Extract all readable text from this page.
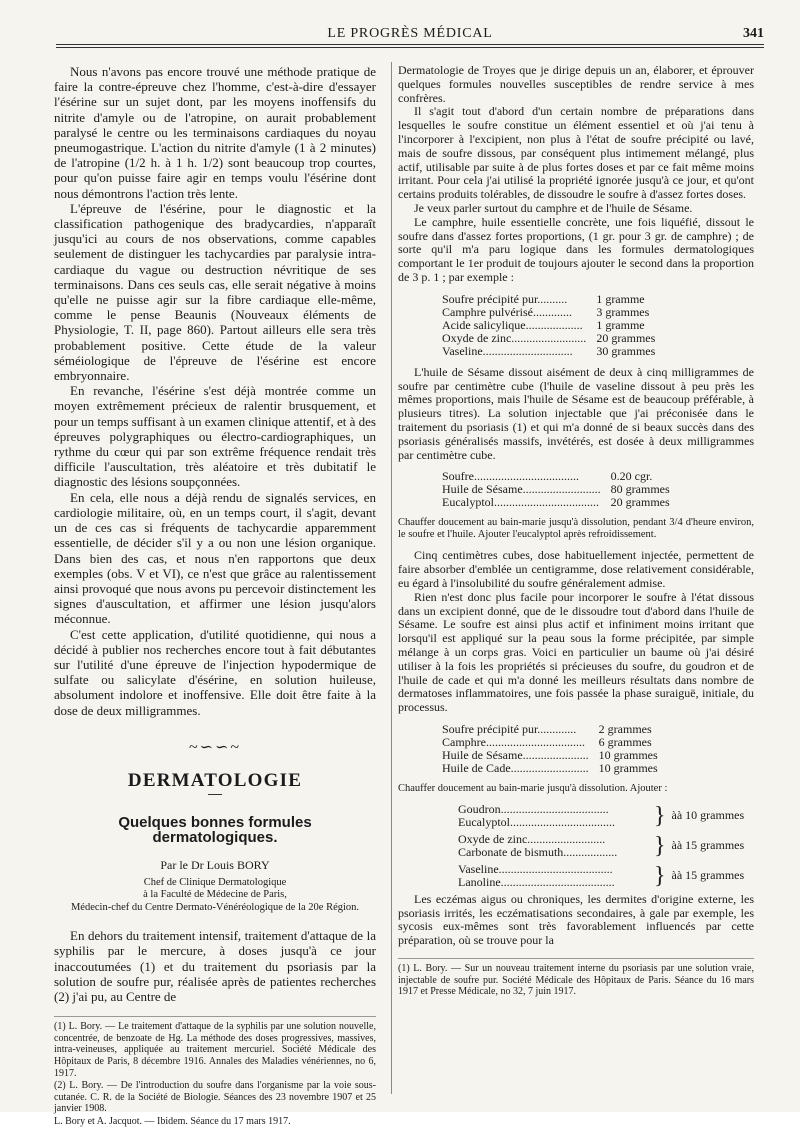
LE PROGRÈS MÉDICAL	341

Nous n'avons pas encore trouvé une méthode pratique de faire la contre-épreuve chez l'homme, c'est-à-dire d'essayer l'ésérine sur un sujet dont, par les moyens inoffensifs du nitrite d'amyle ou de l'atropine, on aurait probablement paralysé le centre ou les terminaisons cardiaques du noyau pneumogastrique. L'action du nitrite d'amyle (1 à 2 minutes) de l'atropine (1/2 h. à 1 h. 1/2) sont beaucoup trop courtes, pour qu'on puisse faire agir en temps voulu l'ésérine dont nous démontrons l'action très lente.

L'épreuve de l'ésérine, pour le diagnostic et la classification pathogenique des bradycardies, n'apparaît jusqu'ici au cours de nos observations, comme capables seulement de distinguer les tachycardies par paralysie intra-cardiaque du vague ou destruction névritique de ses terminaisons. Dans ces seuls cas, elle serait négative à moins qu'elle ne puisse agir sur la fibre cardiaque elle-même, comme le pense Beaunis (Nouveaux éléments de Physiologie, T. II, page 860). Partout ailleurs elle sera très probablement positive. Cette étude de la valeur séméiologique de l'épreuve de l'ésérine est encore embryonnaire.

En revanche, l'ésérine s'est déjà montrée comme un moyen extrêmement précieux de ralentir brusquement, et pour un temps suffisant à un examen clinique attentif, et à des épreuves polygraphiques ou électro-cardiographiques, un rythme du cœur qui par son extrême fréquence rendait très difficile l'auscultation, très aléatoire et très dubitatif le diagnostic des lésions soupçonnées.

En cela, elle nous a déjà rendu de signalés services, en cardiologie militaire, où, en un temps court, il s'agit, devant un de ces cas si fréquents de tachycardie apparemment essentielle, de décider s'il y a ou non une lésion organique. Dans bien des cas, et nous n'en rapportons que deux exemples (obs. V et VI), ce n'est que grâce au ralentissement ainsi provoqué que nous avons pu percevoir distinctement les signes d'auscultation, et affirmer une lésion jusqu'alors méconnue.

C'est cette application, d'utilité quotidienne, qui nous a décidé à publier nos recherches encore tout à fait débutantes sur l'utilité d'une épreuve de l'injection hypodermique de sulfate ou salicylate d'ésérine, en solution huileuse, absolument indolore et inoffensive. Elle doit être faite à la dose de deux milligrammes.

~∽∽~
DERMATOLOGIE
Quelques bonnes formules dermatologiques.
Par le Dr Louis BORY
Chef de Clinique Dermatologique
à la Faculté de Médecine de Paris,
Médecin-chef du Centre Dermato-Vénéréologique de la 20e Région.

En dehors du traitement intensif, traitement d'attaque de la syphilis par le mercure, à doses jusqu'à ce jour inaccoutumées (1) et du traitement du psoriasis par la solution de soufre pur, réalisée après de patientes recherches (2) j'ai pu, au Centre de

(1) L. Bory. — Le traitement d'attaque de la syphilis par une solution nouvelle, concentrée, de benzoate de Hg. La méthode des doses progressives, massives, intra-veineuses, appliquée au traitement mercuriel. Société Médicale des Hôpitaux de Paris, 8 décembre 1916. Annales des Maladies vénériennes, no 6, 1917.
(2) L. Bory. — De l'introduction du soufre dans l'organisme par la voie sous-cutanée. C. R. de la Société de Biologie. Séances des 23 novembre 1907 et 25 janvier 1908.
L. Bory et A. Jacquot. — Ibidem. Séance du 17 mars 1917.

Dermatologie de Troyes que je dirige depuis un an, élaborer, et éprouver quelques formules nouvelles susceptibles de rendre service à mes confrères.

Il s'agit tout d'abord d'un certain nombre de préparations dans lesquelles le soufre constitue un élément essentiel et où j'ai tenu à l'incorporer à l'excipient, non plus à l'état de soufre précipité ou lavé, mais de soufre dissous, par conséquent plus intimement mélangé, plus actif, utilisable par suite à de plus fortes doses et par ce fait même moins irritant. Pour cela j'ai utilisé la propriété ignorée jusqu'à ce jour, et qu'ont certains produits tolérables, de dissoudre le soufre à d'assez fortes doses.

Je veux parler surtout du camphre et de l'huile de Sésame.

Le camphre, huile essentielle concrète, une fois liquéfié, dissout le soufre dans d'assez fortes proportions, (1 gr. pour 3 gr. de camphre) ; de sorte qu'il m'a paru logique dans les formules dermatologiques comportant le 1er produit de toujours ajouter le second dans la proportion de 3 p. 1 ; par exemple :

Soufre précipité pur..........	1 gramme
Camphre pulvérisé.............	3 grammes
Acide salicylique...................	1 gramme
Oxyde de zinc.........................	20 grammes
Vaseline..............................	30 grammes

L'huile de Sésame dissout aisément de deux à cinq milligrammes de soufre par centimètre cube (l'huile de vaseline dissout à peu près les mêmes proportions, mais l'huile de Sésame est de beaucoup préférable, à plusieurs titres). La solution injectable que j'ai préconisée dans le traitement du psoriasis (1) et qui m'a donné de si beaux succès dans des psoriasis généralisés massifs, invétérés, est dosée à deux milligrammes par centimètre cube.

Soufre...................................	0.20 cgr.
Huile de Sésame..........................	80 grammes
Eucalyptol...................................	20 grammes

Chauffer doucement au bain-marie jusqu'à dissolution, pendant 3/4 d'heure environ, le soufre et l'huile. Ajouter l'eucalyptol après refroidissement.

Cinq centimètres cubes, dose habituellement injectée, permettent de faire absorber d'emblée un centigramme, dose relativement considérable, eu égard à l'insolubilité du soufre généralement admise.

Rien n'est donc plus facile pour incorporer le soufre à l'état dissous dans un excipient donné, que de le dissoudre tout d'abord dans l'huile de Sésame. Le soufre est ainsi plus actif et infiniment moins irritant que lorsqu'il est appliqué sur la peau sous la forme précipitée, par simple mélange à un corps gras. Voici en particulier un baume où j'ai désiré utiliser à la fois les propriétés si précieuses du soufre, du goudron et de l'huile de cade et qui m'a donné les meilleurs résultats dans nombre de dermatoses inflammatoires, une fois passée la phase suraiguë, initiale, du processus.

Soufre précipité pur.............	2 grammes
Camphre.................................	6 grammes
Huile de Sésame......................	10 grammes
Huile de Cade..........................	10 grammes

Chauffer doucement au bain-marie jusqu'à dissolution. Ajouter :

Goudron....................................
Eucalyptol...................................	} àà 10 grammes
Oxyde de zinc..........................
Carbonate de bismuth..................	} àà 15 grammes
Vaseline......................................
Lanoline......................................	} àà 15 grammes

Les eczémas aigus ou chroniques, les dermites d'origine externe, les psoriasis irrités, les eczématisations secondaires, à gale par exemple, les sycosis eux-mêmes sont très favorablement influencés par cette préparation, où se trouve pour la

(1) L. Bory. — Sur un nouveau traitement interne du psoriasis par une solution vraie, injectable de soufre pur. Société Médicale des Hôpitaux de Paris. Séance du 16 mars 1917 et Presse Médicale, no 32, 7 juin 1917.
